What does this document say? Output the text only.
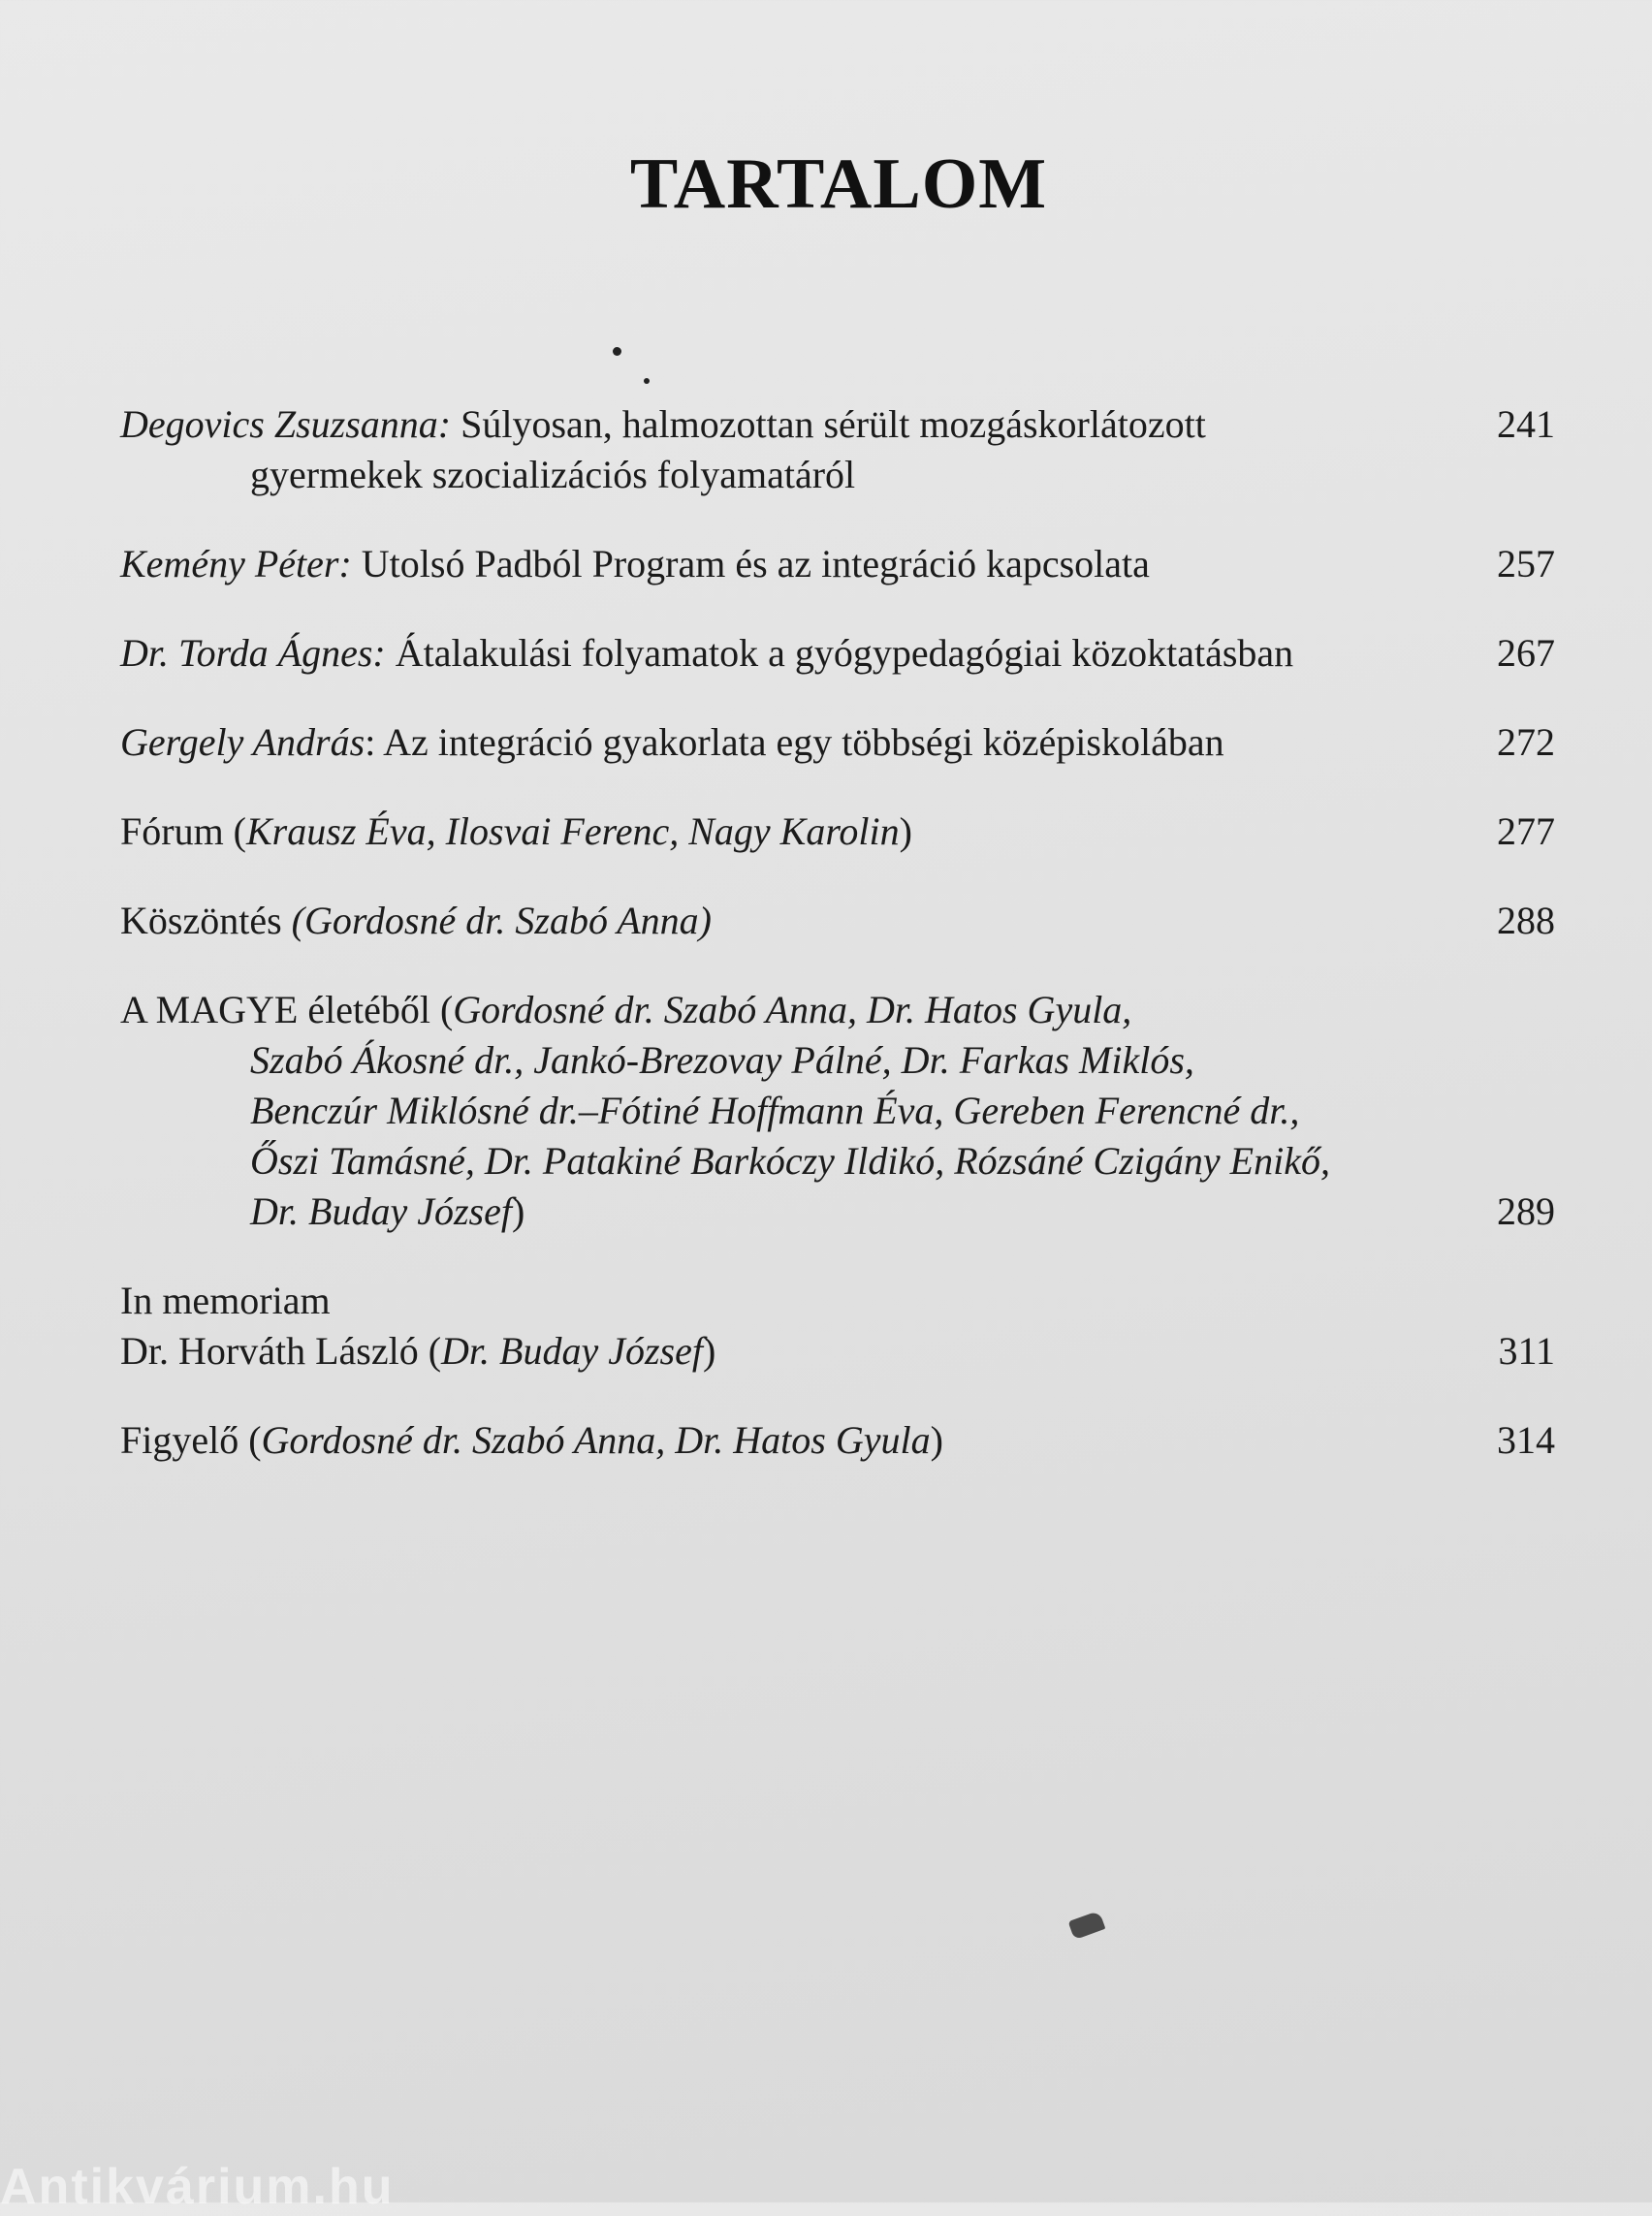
TARTALOM
Degovics Zsuzsanna: Súlyosan, halmozottan sérült mozgáskorlátozott	241
gyermekek szocializációs folyamatáról
Kemény Péter: Utolsó Padból Program és az integráció kapcsolata	257
Dr. Torda Ágnes: Átalakulási folyamatok a gyógypedagógiai közoktatásban	267
Gergely András: Az integráció gyakorlata egy többségi középiskolában	272
Fórum (Krausz Éva, Ilosvai Ferenc, Nagy Karolin)	277
Köszöntés (Gordosné dr. Szabó Anna)	288
A MAGYE életéből (Gordosné dr. Szabó Anna, Dr. Hatos Gyula,
Szabó Ákosné dr., Jankó-Brezovay Pálné, Dr. Farkas Miklós,
Benczúr Miklósné dr.–Fótiné Hoffmann Éva, Gereben Ferencné dr.,
Őszi Tamásné, Dr. Patakiné Barkóczy Ildikó, Rózsáné Czigány Enikő,
Dr. Buday József)	289
In memoriam
Dr. Horváth László (Dr. Buday József)	311
Figyelő (Gordosné dr. Szabó Anna, Dr. Hatos Gyula)	314
Antikvárium.hu
